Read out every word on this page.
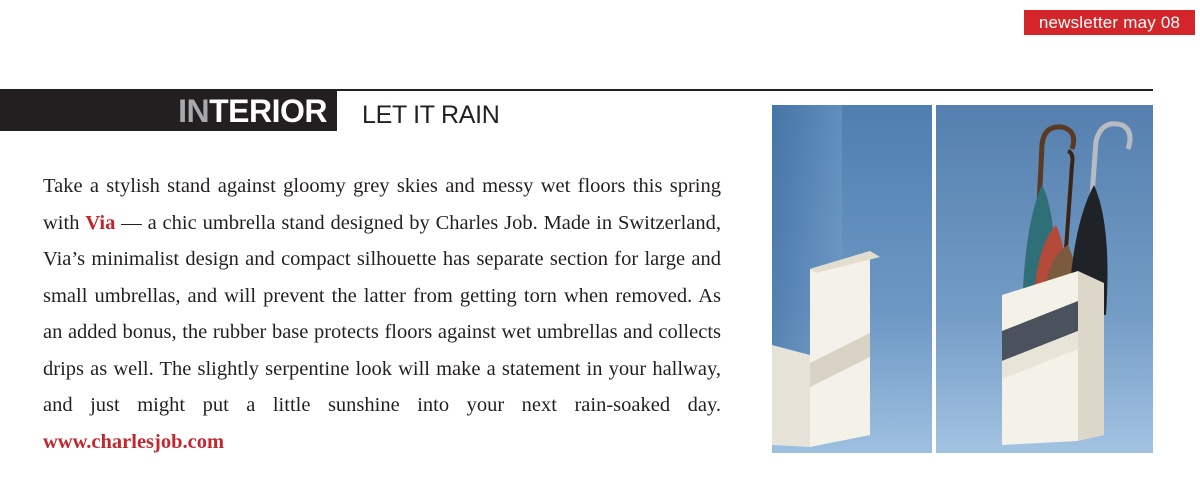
newsletter may 08
INTERIOR LET IT RAIN
Take a stylish stand against gloomy grey skies and messy wet floors this spring with Via — a chic umbrella stand designed by Charles Job. Made in Switzerland, Via’s minimalist design and compact silhouette has separate section for large and small umbrellas, and will prevent the latter from getting torn when removed. As an added bonus, the rubber base protects floors against wet umbrellas and collects drips as well. The slightly serpentine look will make a statement in your hallway, and just might put a little sunshine into your next rain-soaked day. www.charlesjob.com
